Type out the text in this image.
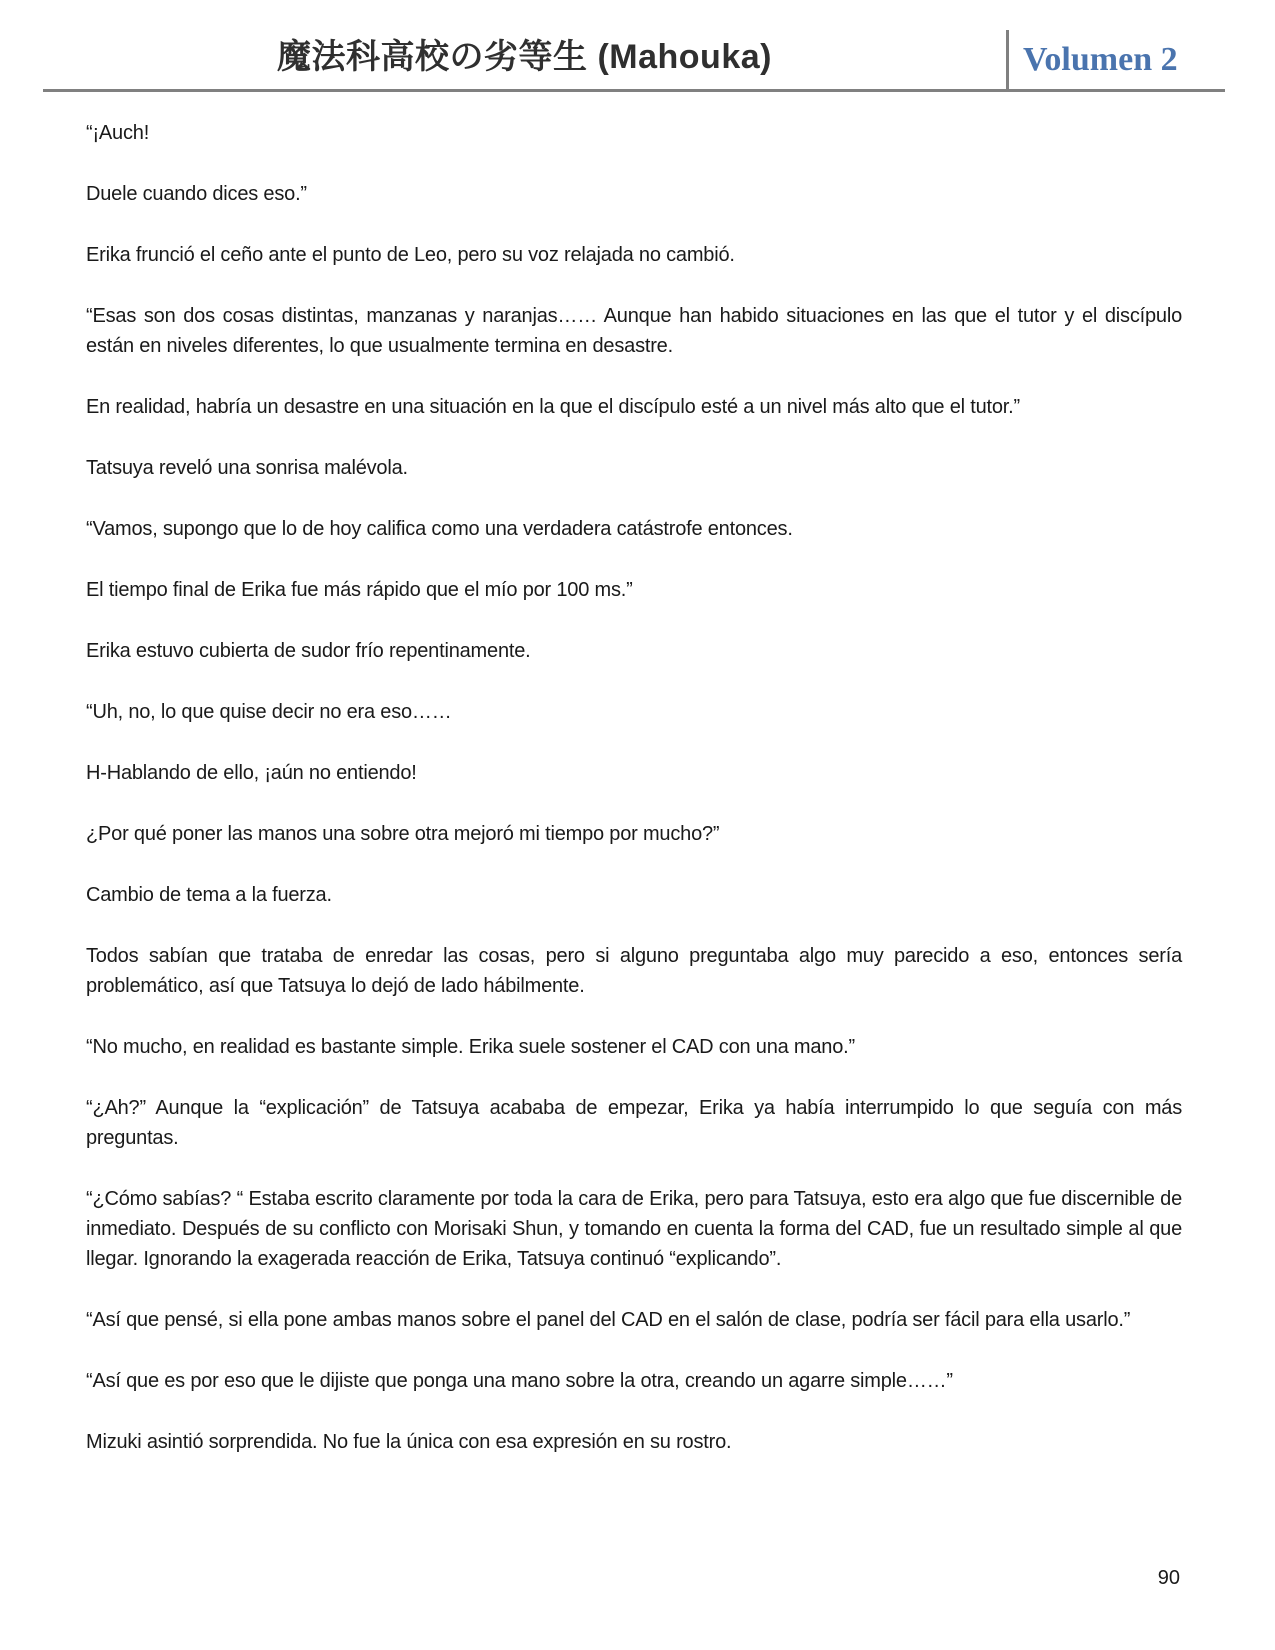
魔法科高校の劣等生 (Mahouka)	Volumen 2

“¡Auch!

Duele cuando dices eso.”

Erika frunció el ceño ante el punto de Leo, pero su voz relajada no cambió.

“Esas son dos cosas distintas, manzanas y naranjas…… Aunque han habido situaciones en las que el tutor y el discípulo están en niveles diferentes, lo que usualmente termina en desastre.

En realidad, habría un desastre en una situación en la que el discípulo esté a un nivel más alto que el tutor.”

Tatsuya reveló una sonrisa malévola.

“Vamos, supongo que lo de hoy califica como una verdadera catástrofe entonces.

El tiempo final de Erika fue más rápido que el mío por 100 ms.”

Erika estuvo cubierta de sudor frío repentinamente.

“Uh, no, lo que quise decir no era eso……

H-Hablando de ello, ¡aún no entiendo!

¿Por qué poner las manos una sobre otra mejoró mi tiempo por mucho?”

Cambio de tema a la fuerza.

Todos sabían que trataba de enredar las cosas, pero si alguno preguntaba algo muy parecido a eso, entonces sería problemático, así que Tatsuya lo dejó de lado hábilmente.

“No mucho, en realidad es bastante simple. Erika suele sostener el CAD con una mano.”

“¿Ah?” Aunque la “explicación” de Tatsuya acababa de empezar, Erika ya había interrumpido lo que seguía con más preguntas.

“¿Cómo sabías? “ Estaba escrito claramente por toda la cara de Erika, pero para Tatsuya, esto era algo que fue discernible de inmediato. Después de su conflicto con Morisaki Shun, y tomando en cuenta la forma del CAD, fue un resultado simple al que llegar. Ignorando la exagerada reacción de Erika, Tatsuya continuó “explicando”.

“Así que pensé, si ella pone ambas manos sobre el panel del CAD en el salón de clase, podría ser fácil para ella usarlo.”

“Así que es por eso que le dijiste que ponga una mano sobre la otra, creando un agarre simple……”

Mizuki asintió sorprendida. No fue la única con esa expresión en su rostro.

90
